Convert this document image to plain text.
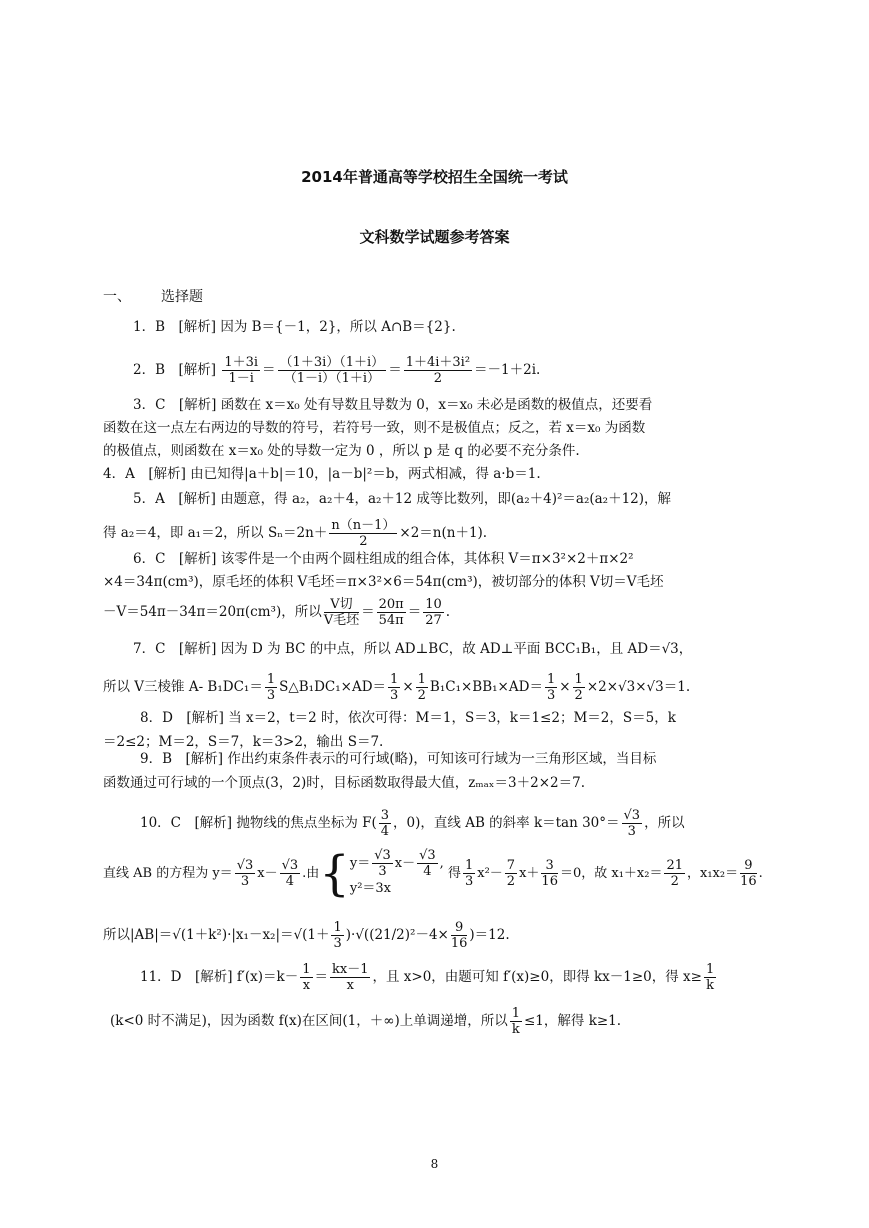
2014年普通高等学校招生全国统一考试
文科数学试题参考答案
一、 选择题
1．B　[解析] 因为 B＝{－1，2}，所以 A∩B＝{2}.
2．B　[解析] $\frac{1+3i}{1-i} = \frac{(1+3i)(1+i)}{(1-i)(1+i)} = \frac{\text{1＋4i＋3i²}}{2} =-1+2i$.
3．C　[解析] 函数在 x＝x₀ 处有导数且导数为 0，x＝x₀ 未必是函数的极值点，还要看
函数在这一点左右两边的导数的符号，若符号一致，则不是极值点；反之，若 x＝x₀ 为函数
的极值点，则函数在 x＝x₀ 处的导数一定为 0 ，所以 p 是 q 的必要不充分条件.
4．A　[解析] 由已知得|a＋b|＝10，|a－b|²＝b，两式相减，得 a·b＝1.
5．A　[解析] 由题意，得 a₂，a₂＋4，a₂＋12 成等比数列，即(a₂＋4)²＝a₂(a₂＋12)，解
得 a₂＝4，即 a₁＝2，所以 $S_n=2n+ \frac{n(n-1)}{2} \times 2=n(n+1)$.
6．C　[解析] 该零件是一个由两个圆柱组成的组合体，其体积 V＝π×3²×2＋π×2²
×4＝34π(cm³)，原毛坯的体积 V毛坯＝π×3²×6＝54π(cm³)，被切部分的体积 V切＝V毛坯
－V＝54π－34π＝20π(cm³)，所以 $\frac{\text{V切}}{\text{V毛坯}} = \frac{20\pi}{54\pi} = \frac{10}{27}$ .
7．C　[解析] 因为 D 为 BC 的中点，所以 AD⊥BC，故 AD⊥平面 BCC₁B₁，且 AD＝√3，
所以 V三棱锥 A- $B_1DC_1= \frac{1}{3}$ S△B₁DC₁×AD＝ $\frac{1}{3} \times \frac{1}{2} B_1C_1\times BB_1\times AD= \frac{1}{3} \times \frac{1}{2} \times 2\times√3\times√3=1$.
8．D　[解析] 当 x＝2，t＝2 时，依次可得：M＝1，S＝3，k＝1≤2；M＝2，S＝5，k
＝2≤2；M＝2，S＝7，k＝3>2，输出 S＝7.
9．B　[解析] 作出约束条件表示的可行域(略)，可知该可行域为一三角形区域，当目标
函数通过可行域的一个顶点(3，2)时，目标函数取得最大值，zₘₐₓ＝3＋2×2＝7.
10．C　[解析] 抛物线的焦点坐标为 $F( \frac{3}{4}$ ，0)，直线 AB 的斜率 k＝tan $30^\circ= \frac{√3}{3}$ ，所以
直线 AB 的方程为 $y= \frac{√3}{3} x- \frac{√3}{4}$ .由{ $y= \frac{√3}{3} x- \frac{√3}{4}$ ,
y²＝3x
得 $\frac{1}{3} x^2- \frac{7}{2} x+ \frac{3}{16} =0$，故 $x_1+x_2= \frac{21}{2}$ ，$x_1x_2= \frac{9}{16}$ .
所以$|AB|=√(1+k^2)\cdot|x_1-x_2|=√(1+ \frac{1}{3} )\cdot√((21/2)^2-4\times \frac{9}{16} )=12$.
11．D　[解析] $f'(x)=k- \frac{1}{x} = \frac{kx-1}{x}$ ，且 x>0，由题可知 f′(x)≥0，即得 kx－1≥0，得 $x\ge \frac{1}{k}$
(k<0 时不满足)，因为函数 f(x)在区间(1，＋∞)上单调递增，所以 $\frac{1}{k} \le 1$，解得 k≥1.
8
